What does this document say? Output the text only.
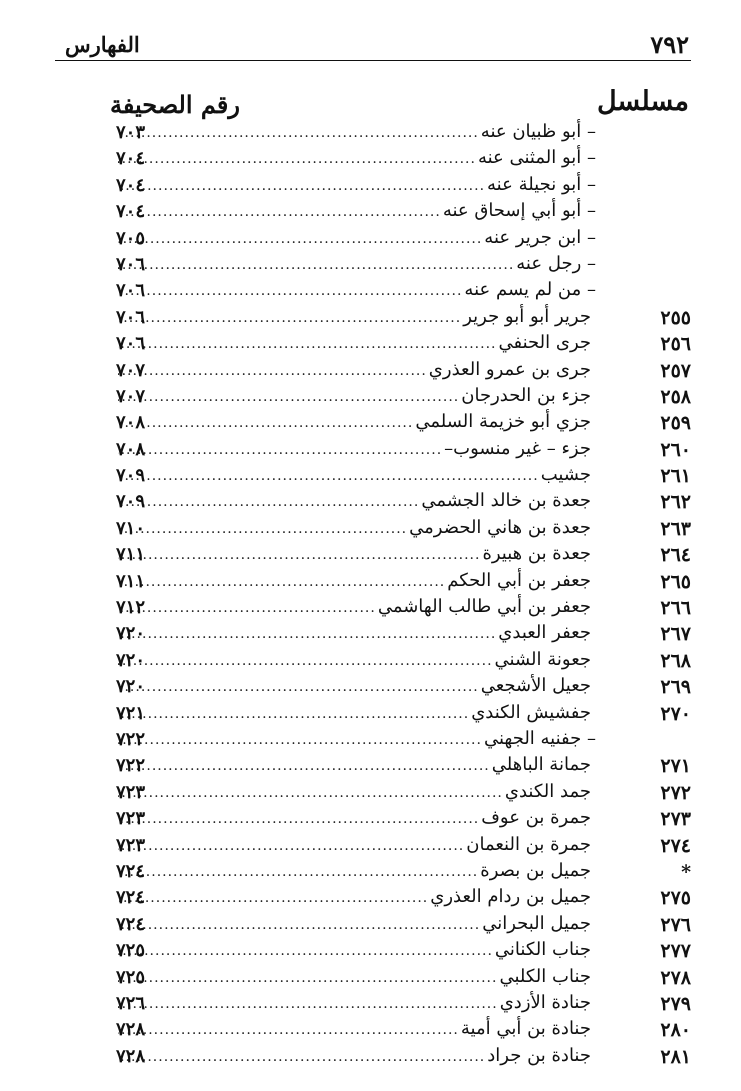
٧٩٢
الفهارس
مسلسل
رقم الصحيفة
– أبو ظبيان عنه
.....
٧٠٣
– أبو المثنى عنه
.....
٧٠٤
– أبو نجيلة عنه
.....
٧٠٤
– أبو أبي إسحاق عنه
.....
٧٠٤
– ابن جرير عنه
.....
٧٠٥
– رجل عنه
.....
٧٠٦
– من لم يسم عنه
.....
٧٠٦
٢٥٥
جرير أبو أبو جرير
.....
٧٠٦
٢٥٦
جرى الحنفي
.....
٧٠٦
٢٥٧
جرى بن عمرو العذري
.....
٧٠٧
٢٥٨
جزء بن الحدرجان
.....
٧٠٧
٢٥٩
جزي أبو خزيمة السلمي
.....
٧٠٨
٢٦٠
جزء – غير منسوب–
.....
٧٠٨
٢٦١
جشيب
.....
٧٠٩
٢٦٢
جعدة بن خالد الجشمي
.....
٧٠٩
٢٦٣
جعدة بن هاني الحضرمي
.....
٧١٠
٢٦٤
جعدة بن هبيرة
.....
٧١١
٢٦٥
جعفر بن أبي الحكم
.....
٧١١
٢٦٦
جعفر بن أبي طالب الهاشمي
.....
٧١٢
٢٦٧
جعفر العبدي
.....
٧٢٠
٢٦٨
جعونة الشني
.....
٧٢٠
٢٦٩
جعيل الأشجعي
.....
٧٢٠
٢٧٠
جفشيش الكندي
.....
٧٢١
– جفنيه الجهني
.....
٧٢٢
٢٧١
جمانة الباهلي
.....
٧٢٢
٢٧٢
جمد الكندي
.....
٧٢٣
٢٧٣
جمرة بن عوف
.....
٧٢٣
٢٧٤
جمرة بن النعمان
.....
٧٢٣
*
جميل بن بصرة
.....
٧٢٤
٢٧٥
جميل بن ردام العذري
.....
٧٢٤
٢٧٦
جميل البحراني
.....
٧٢٤
٢٧٧
جناب الكناني
.....
٧٢٥
٢٧٨
جناب الكلبي
.....
٧٢٥
٢٧٩
جنادة الأزدي
.....
٧٢٦
٢٨٠
جنادة بن أبي أمية
.....
٧٢٨
٢٨١
جنادة بن جراد
.....
٧٢٨
